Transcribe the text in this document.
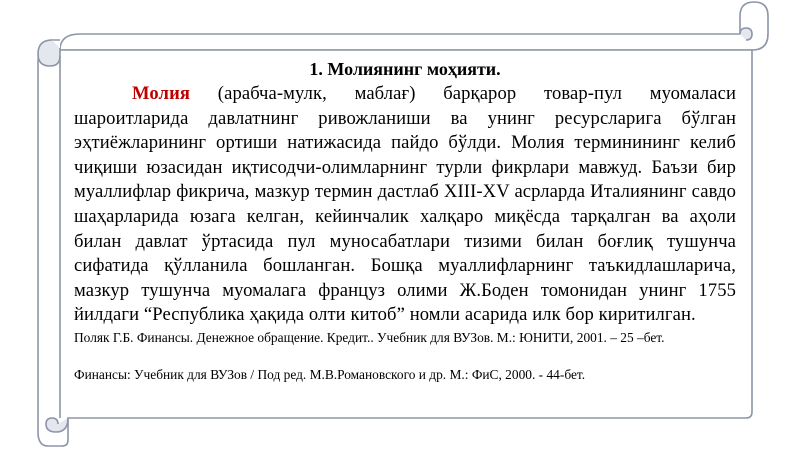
1. Молиянинг моҳияти.

Молия (арабча-мулк, маблағ) барқарор товар-пул муомаласи шароитларида давлатнинг ривожланиши ва унинг ресурсларига бўлган эҳтиёжларининг ортиши натижасида пайдо бўлди. Молия терминининг келиб чиқиши юзасидан иқтисодчи-олимларнинг турли фикрлари мавжуд. Баъзи бир муаллифлар фикрича, мазкур термин дастлаб XIII-XV асрларда Италиянинг савдо шаҳарларида юзага келган, кейинчалик халқаро миқёсда тарқалган ва аҳоли билан давлат ўртасида пул муносабатлари тизими билан боғлиқ тушунча сифатида қўлланила бошланган. Бошқа муаллифларнинг таъкидлашларича, мазкур тушунча муомалага француз олими Ж.Боден томонидан унинг 1755 йилдаги “Республика ҳақида олти китоб” номли асарида илк бор киритилган.

Поляк Г.Б. Финансы. Денежное обращение. Кредит.. Учебник для ВУЗов. М.: ЮНИТИ, 2001. – 25 –бет.

Финансы: Учебник для ВУЗов / Под ред. М.В.Романовского и др. М.: ФиС, 2000. - 44-бет.
